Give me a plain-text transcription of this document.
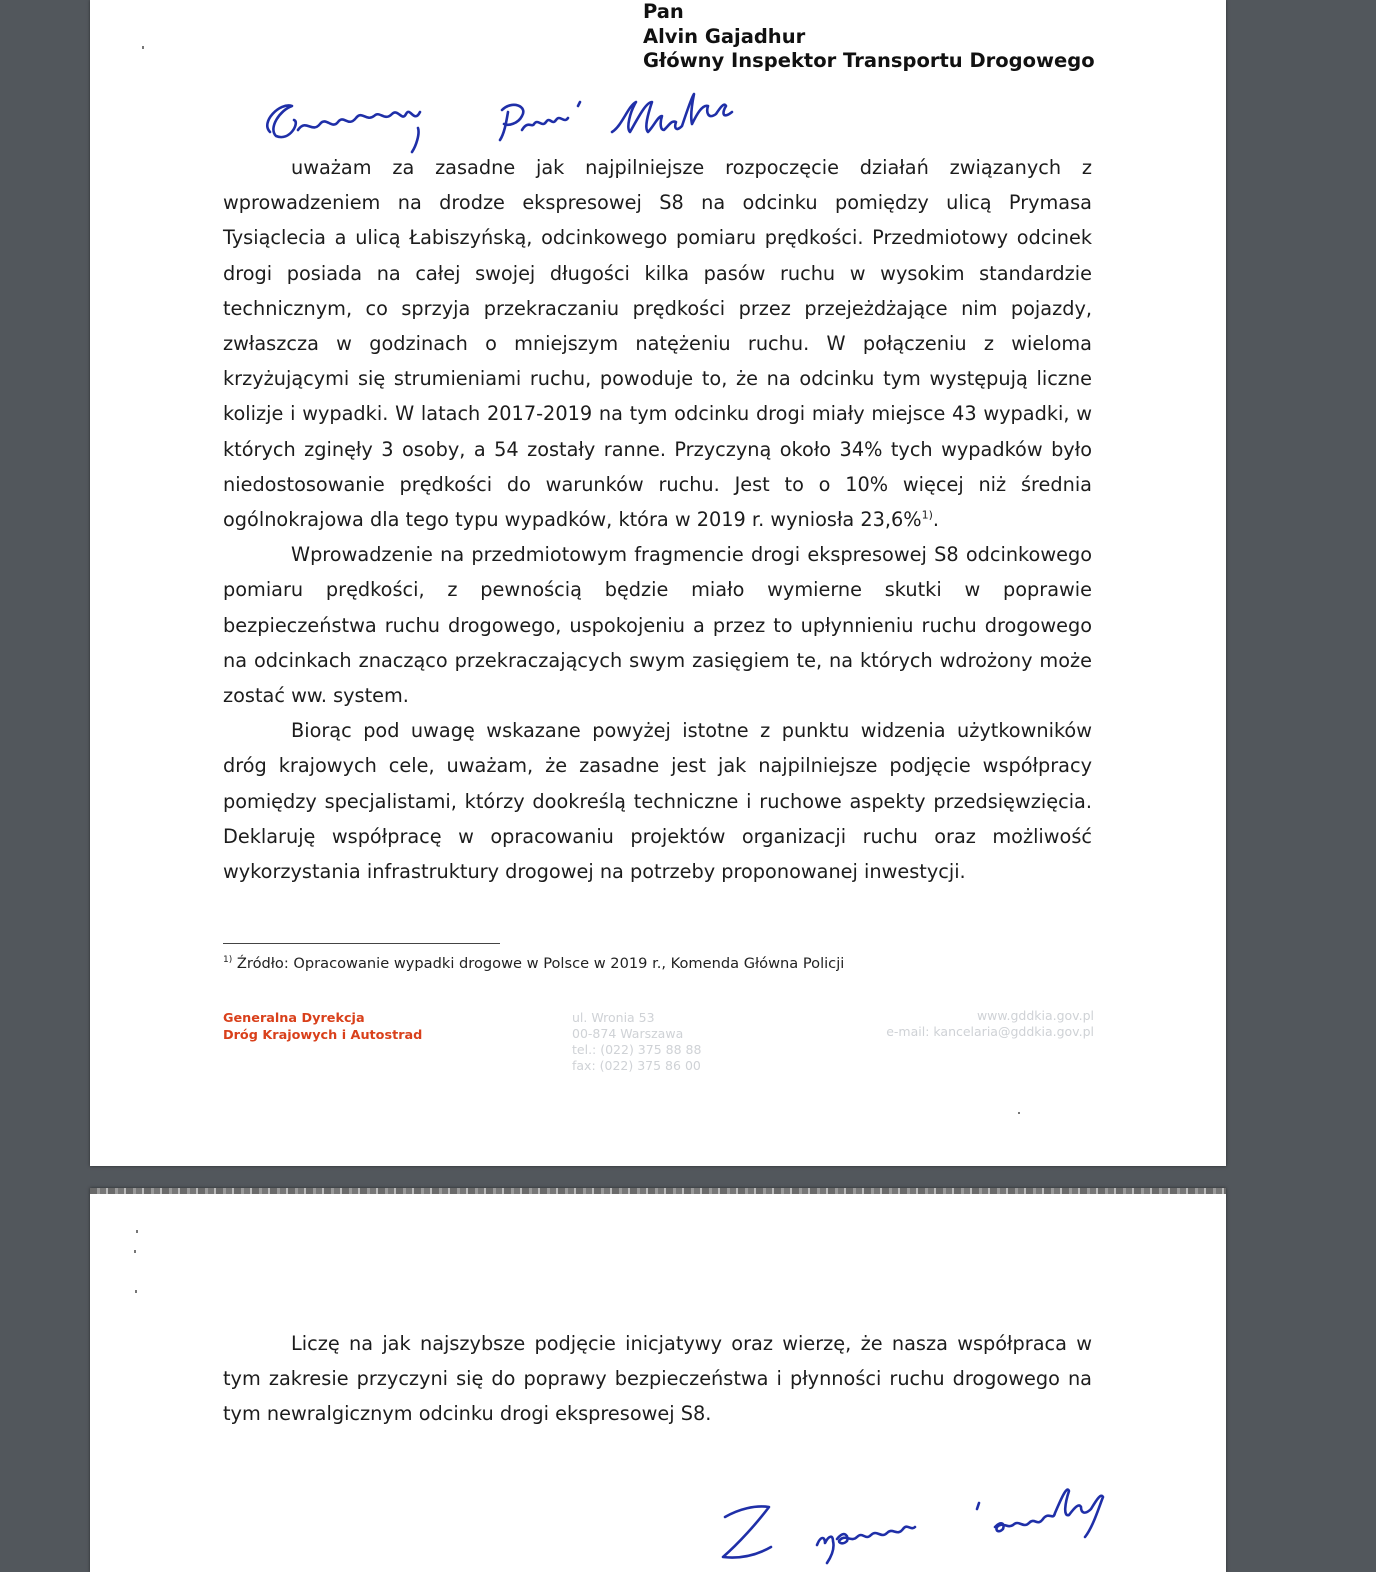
Pan
Alvin Gajadhur
Główny Inspektor Transportu Drogowego

uważam za zasadne jak najpilniejsze rozpoczęcie działań związanych z wprowadzeniem na drodze ekspresowej S8 na odcinku pomiędzy ulicą Prymasa Tysiąclecia a ulicą Łabiszyńską, odcinkowego pomiaru prędkości. Przedmiotowy odcinek drogi posiada na całej swojej długości kilka pasów ruchu w wysokim standardzie technicznym, co sprzyja przekraczaniu prędkości przez przejeżdżające nim pojazdy, zwłaszcza w godzinach o mniejszym natężeniu ruchu. W połączeniu z wieloma krzyżującymi się strumieniami ruchu, powoduje to, że na odcinku tym występują liczne kolizje i wypadki. W latach 2017-2019 na tym odcinku drogi miały miejsce 43 wypadki, w których zginęły 3 osoby, a 54 zostały ranne. Przyczyną około 34% tych wypadków było niedostosowanie prędkości do warunków ruchu. Jest to o 10% więcej niż średnia ogólnokrajowa dla tego typu wypadków, która w 2019 r. wyniosła 23,6%$^{1)}$.

Wprowadzenie na przedmiotowym fragmencie drogi ekspresowej S8 odcinkowego pomiaru prędkości, z pewnością będzie miało wymierne skutki w poprawie bezpieczeństwa ruchu drogowego, uspokojeniu a przez to upłynnieniu ruchu drogowego na odcinkach znacząco przekraczających swym zasięgiem te, na których wdrożony może zostać ww. system.

Biorąc pod uwagę wskazane powyżej istotne z punktu widzenia użytkowników dróg krajowych cele, uważam, że zasadne jest jak najpilniejsze podjęcie współpracy pomiędzy specjalistami, którzy dookreślą techniczne i ruchowe aspekty przedsięwzięcia. Deklaruję współpracę w opracowaniu projektów organizacji ruchu oraz możliwość wykorzystania infrastruktury drogowej na potrzeby proponowanej inwestycji.

$^{1)}$ Źródło: Opracowanie wypadki drogowe w Polsce w 2019 r., Komenda Główna Policji
Generalna Dyrekcja
Dróg Krajowych i Autostrad
ul. Wronia 53
00-874 Warszawa
tel.: (022) 375 88 88
fax: (022) 375 86 00
www.gddkia.gov.pl
e-mail: kancelaria@gddkia.gov.pl

Liczę na jak najszybsze podjęcie inicjatywy oraz wierzę, że nasza współpraca w tym zakresie przyczyni się do poprawy bezpieczeństwa i płynności ruchu drogowego na tym newralgicznym odcinku drogi ekspresowej S8.
